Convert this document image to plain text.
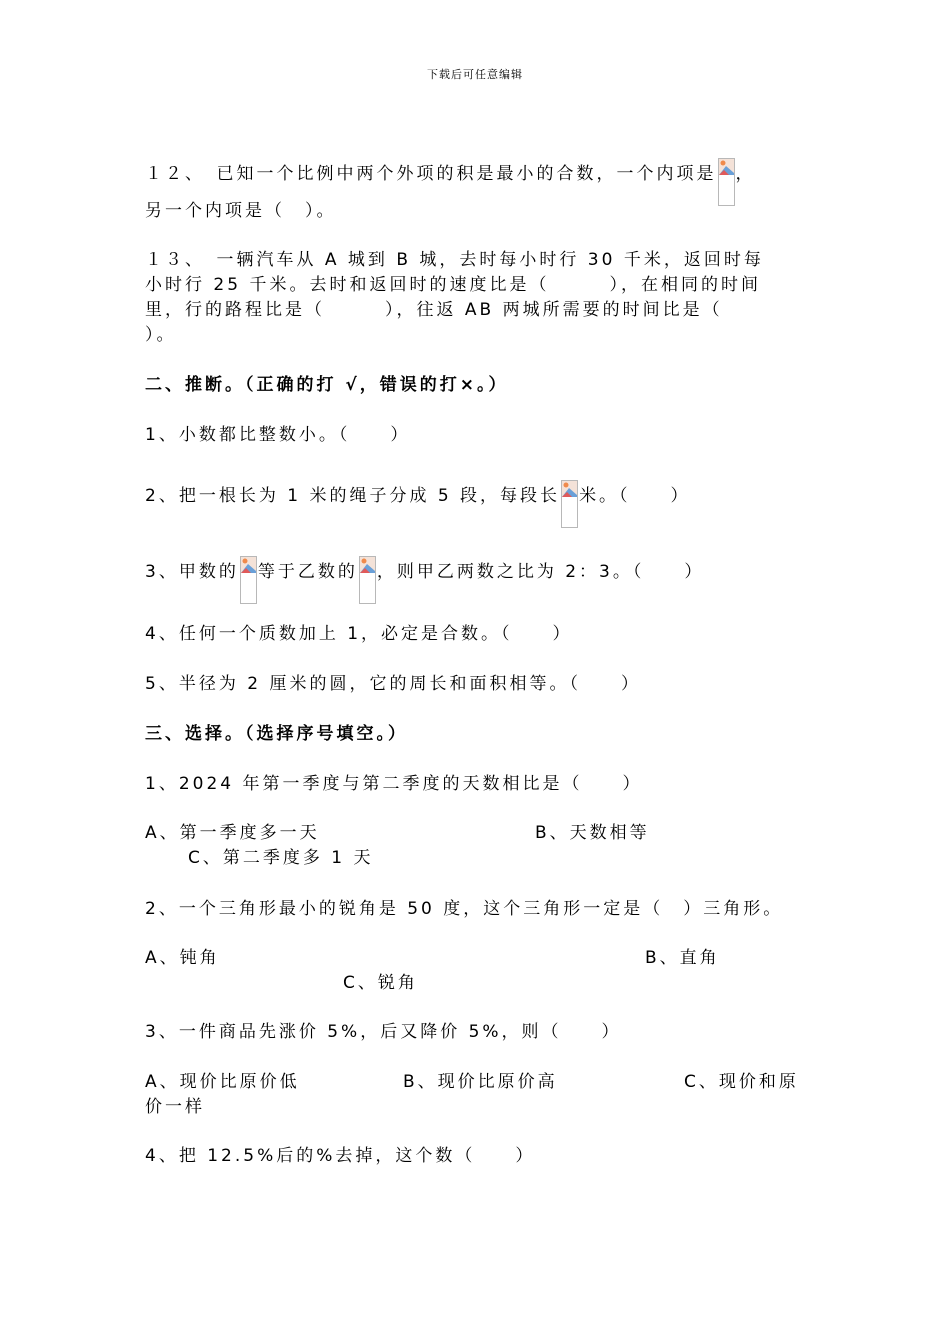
下载后可任意编辑
１２、　已知一个比例中两个外项的积是最小的合数，一个内项是 ，
另一个内项是（　）。
１３、　一辆汽车从 A 城到 B 城，去时每小时行 30 千米，返回时每
小时行 25 千米。去时和返回时的速度比是（　　　），在相同的时间
里，行的路程比是（　　　），往返 AB 两城所需要的时间比是（
）。
二、推断。（正确的打 √，错误的打×。）
1、小数都比整数小。（　　）
2、把一根长为 1 米的绳子分成 5 段，每段长 米。（　　）
3、甲数的 等于乙数的 ，则甲乙两数之比为 2：3。（　　）
4、任何一个质数加上 1，必定是合数。（　　）
5、半径为 2 厘米的圆，它的周长和面积相等。（　　）
三、选择。（选择序号填空。）
1、2024 年第一季度与第二季度的天数相比是（　　）
A、第一季度多一天	B、天数相等
C、第二季度多 1 天
2、一个三角形最小的锐角是 50 度，这个三角形一定是（　）三角形。
A、钝角	B、直角
C、锐角
3、一件商品先涨价 5%，后又降价 5%，则（　　）
A、现价比原价低	B、现价比原价高	C、现价和原
价一样
4、把 12.5%后的%去掉，这个数（　　）
